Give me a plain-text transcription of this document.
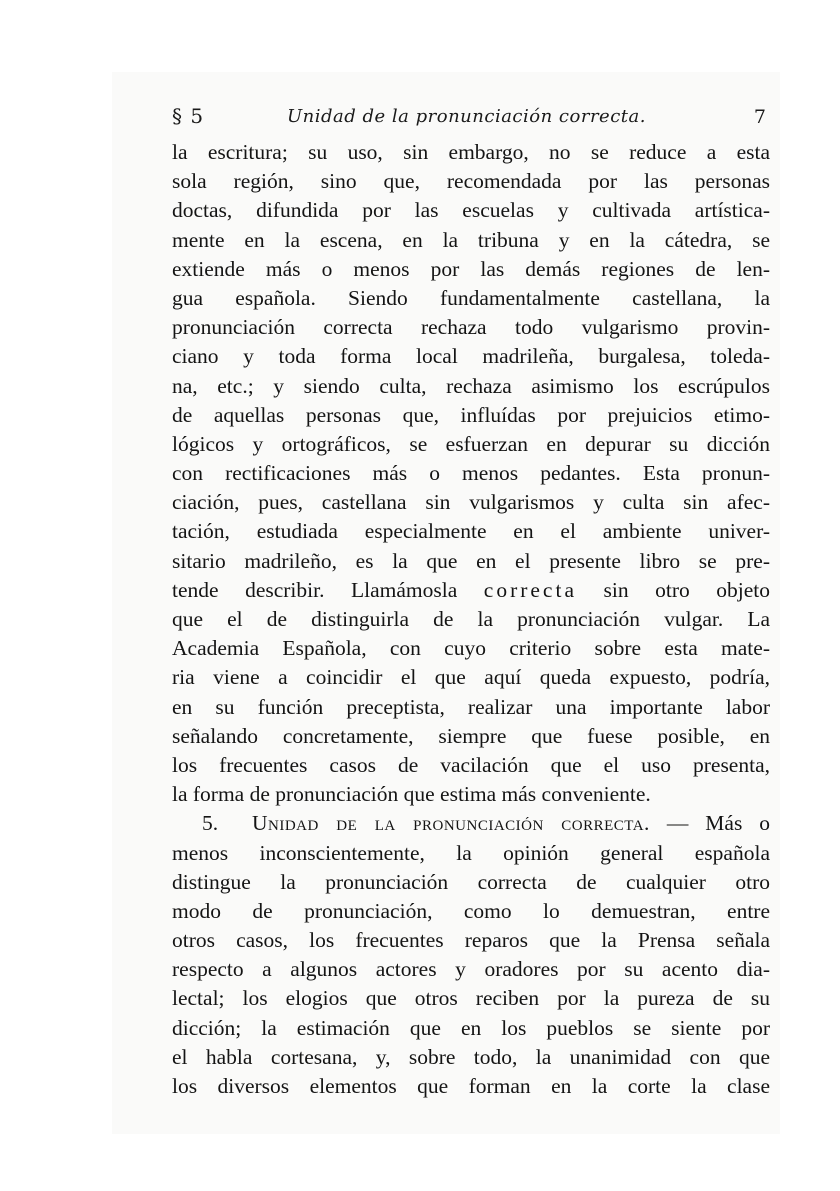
§ 5	Unidad de la pronunciación correcta.	7
la escritura; su uso, sin embargo, no se reduce a esta
sola región, sino que, recomendada por las personas
doctas, difundida por las escuelas y cultivada artística-
mente en la escena, en la tribuna y en la cátedra, se
extiende más o menos por las demás regiones de len-
gua española. Siendo fundamentalmente castellana, la
pronunciación correcta rechaza todo vulgarismo provin-
ciano y toda forma local madrileña, burgalesa, toleda-
na, etc.; y siendo culta, rechaza asimismo los escrúpulos
de aquellas personas que, influídas por prejuicios etimo-
lógicos y ortográficos, se esfuerzan en depurar su dicción
con rectificaciones más o menos pedantes. Esta pronun-
ciación, pues, castellana sin vulgarismos y culta sin afec-
tación, estudiada especialmente en el ambiente univer-
sitario madrileño, es la que en el presente libro se pre-
tende describir. Llamámosla correcta sin otro objeto
que el de distinguirla de la pronunciación vulgar. La
Academia Española, con cuyo criterio sobre esta mate-
ria viene a coincidir el que aquí queda expuesto, podría,
en su función preceptista, realizar una importante labor
señalando concretamente, siempre que fuese posible, en
los frecuentes casos de vacilación que el uso presenta,
la forma de pronunciación que estima más conveniente.
5. Unidad de la pronunciación correcta. — Más o
menos inconscientemente, la opinión general española
distingue la pronunciación correcta de cualquier otro
modo de pronunciación, como lo demuestran, entre
otros casos, los frecuentes reparos que la Prensa señala
respecto a algunos actores y oradores por su acento dia-
lectal; los elogios que otros reciben por la pureza de su
dicción; la estimación que en los pueblos se siente por
el habla cortesana, y, sobre todo, la unanimidad con que
los diversos elementos que forman en la corte la clase
